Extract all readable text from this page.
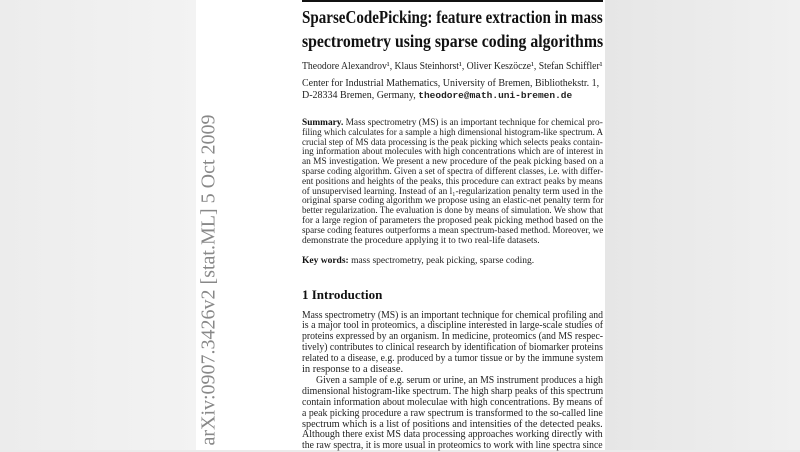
arXiv:0907.3426v2 [stat.ML] 5 Oct 2009
SparseCodePicking: feature extraction in mass
spectrometry using sparse coding algorithms
Theodore Alexandrov¹, Klaus Steinhorst¹, Oliver Keszöcze¹, Stefan Schiffler¹
Center for Industrial Mathematics, University of Bremen, Bibliothekstr. 1,
D-28334 Bremen, Germany, theodore@math.uni-bremen.de
Summary. Mass spectrometry (MS) is an important technique for chemical pro-
filing which calculates for a sample a high dimensional histogram-like spectrum. A
crucial step of MS data processing is the peak picking which selects peaks contain-
ing information about molecules with high concentrations which are of interest in
an MS investigation. We present a new procedure of the peak picking based on a
sparse coding algorithm. Given a set of spectra of different classes, i.e. with differ-
ent positions and heights of the peaks, this procedure can extract peaks by means
of unsupervised learning. Instead of an l₁-regularization penalty term used in the
original sparse coding algorithm we propose using an elastic-net penalty term for
better regularization. The evaluation is done by means of simulation. We show that
for a large region of parameters the proposed peak picking method based on the
sparse coding features outperforms a mean spectrum-based method. Moreover, we
demonstrate the procedure applying it to two real-life datasets.
Key words: mass spectrometry, peak picking, sparse coding.
1 Introduction
Mass spectrometry (MS) is an important technique for chemical profiling and
is a major tool in proteomics, a discipline interested in large-scale studies of
proteins expressed by an organism. In medicine, proteomics (and MS respec-
tively) contributes to clinical research by identification of biomarker proteins
related to a disease, e.g. produced by a tumor tissue or by the immune system
in response to a disease.
Given a sample of e.g. serum or urine, an MS instrument produces a high
dimensional histogram-like spectrum. The high sharp peaks of this spectrum
contain information about moleculae with high concentrations. By means of
a peak picking procedure a raw spectrum is transformed to the so-called line
spectrum which is a list of positions and intensities of the detected peaks.
Although there exist MS data processing approaches working directly with
the raw spectra, it is more usual in proteomics to work with line spectra since
